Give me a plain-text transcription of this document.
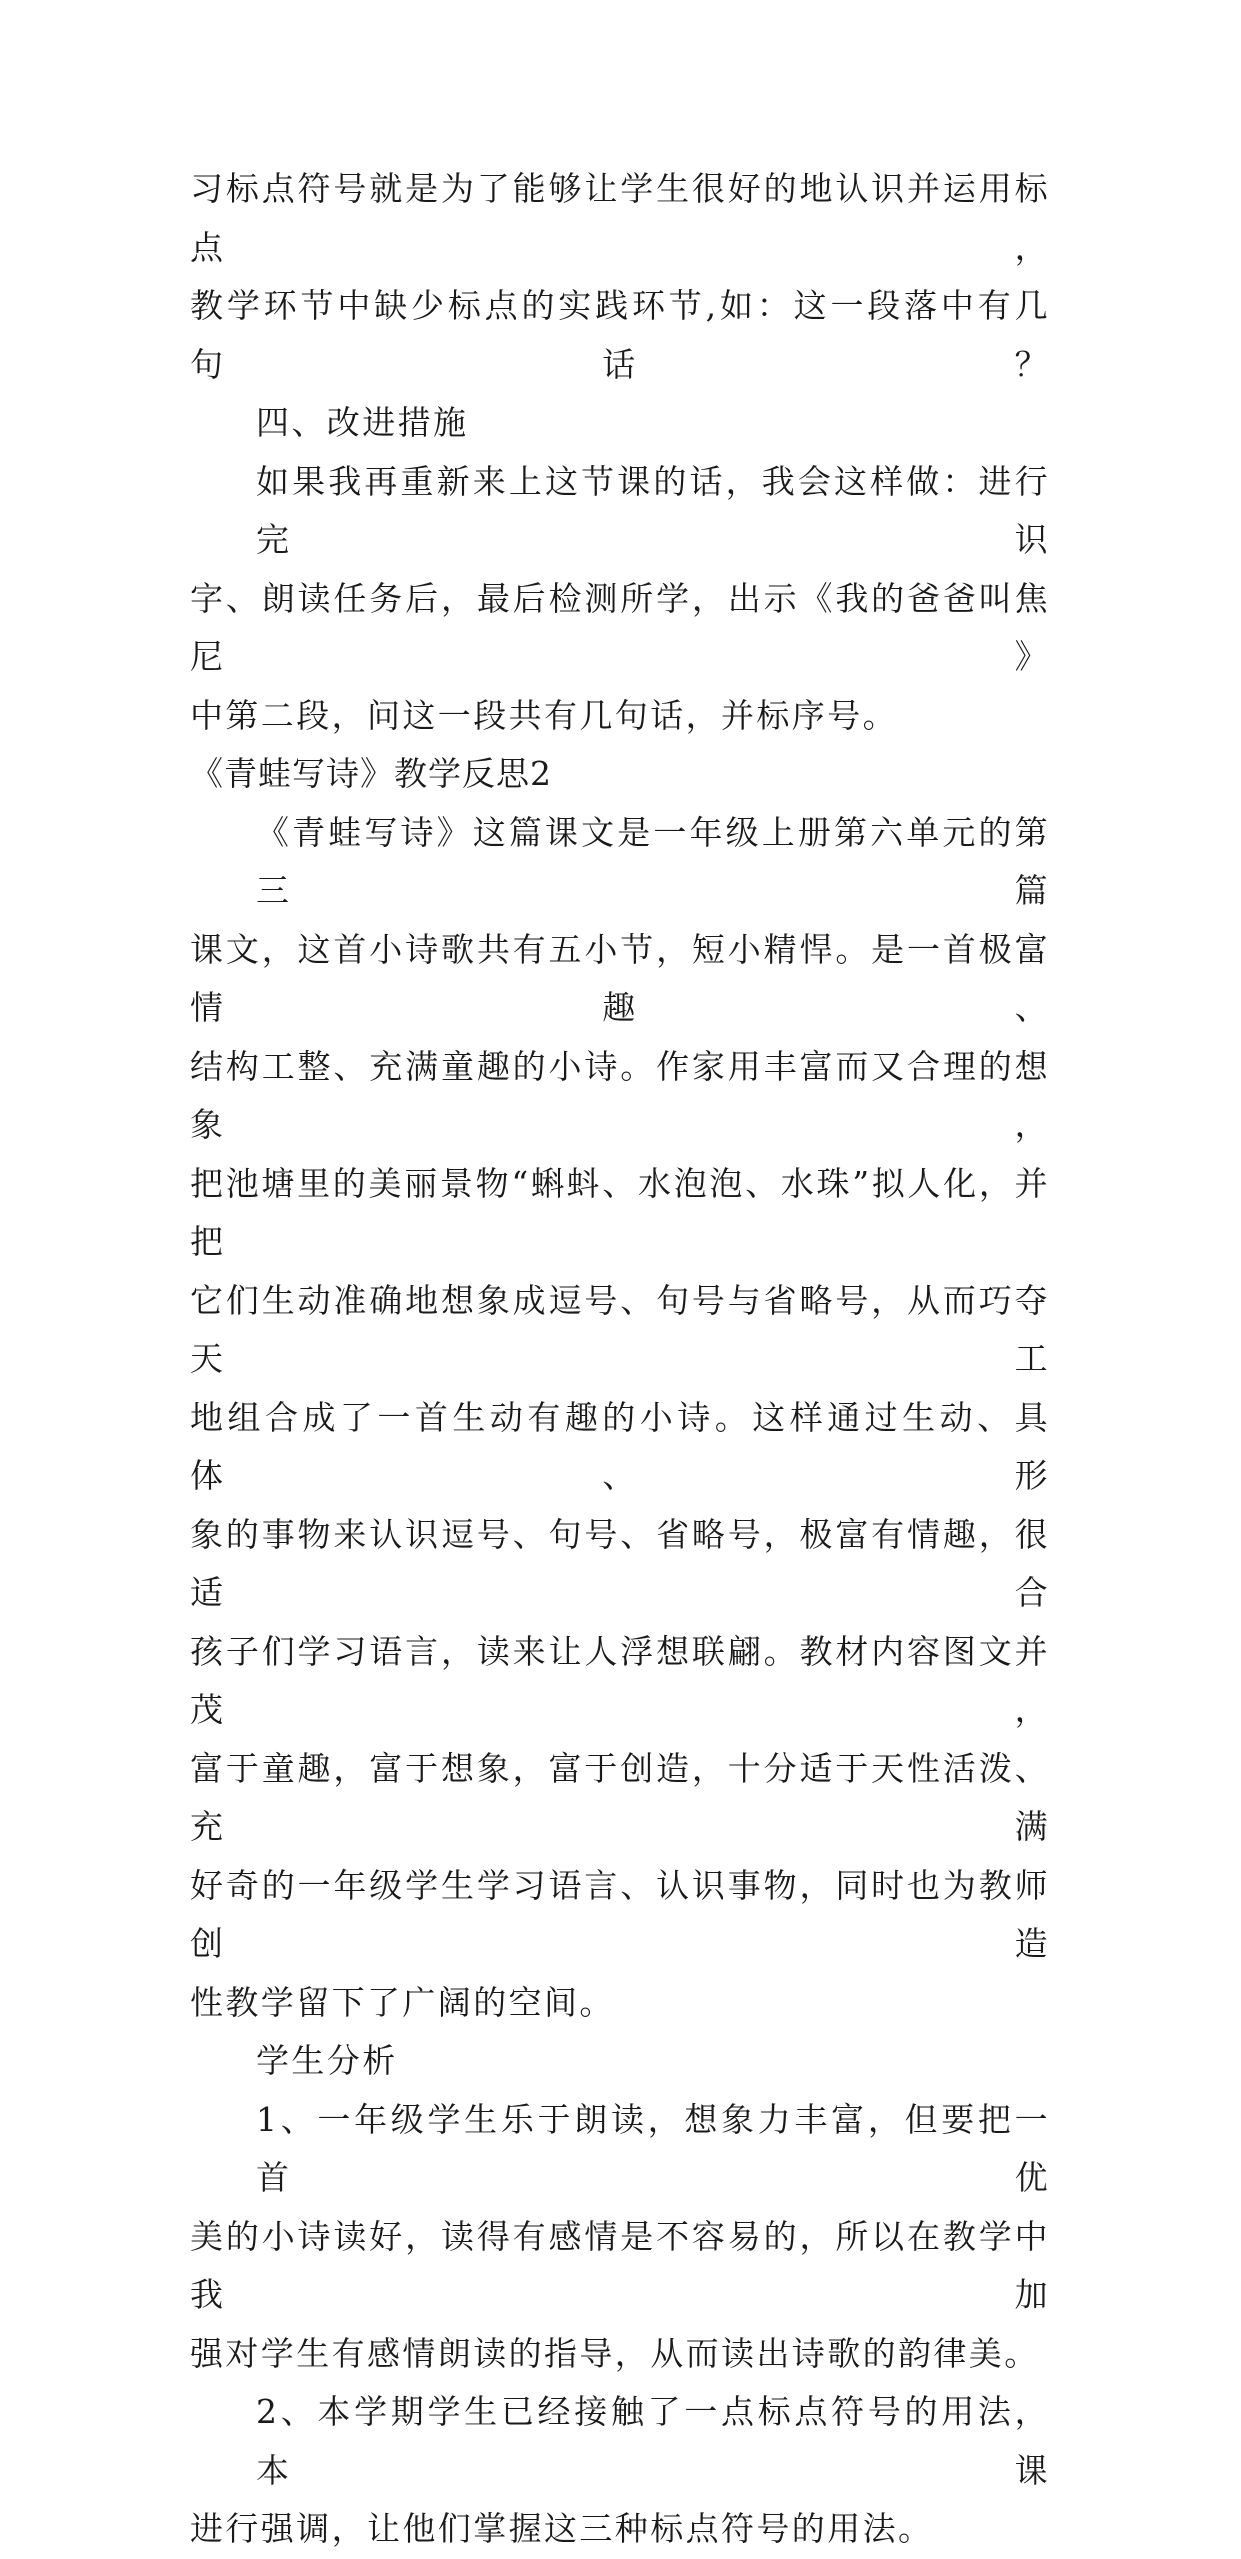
习标点符号就是为了能够让学生很好的地认识并运用标点，
教学环节中缺少标点的实践环节,如：这一段落中有几句话？
四、改进措施
如果我再重新来上这节课的话，我会这样做：进行完识
字、朗读任务后，最后检测所学，出示《我的爸爸叫焦尼》
中第二段，问这一段共有几句话，并标序号。
《青蛙写诗》教学反思2
《青蛙写诗》这篇课文是一年级上册第六单元的第三篇
课文，这首小诗歌共有五小节，短小精悍。是一首极富情趣、
结构工整、充满童趣的小诗。作家用丰富而又合理的想象，
把池塘里的美丽景物“蝌蚪、水泡泡、水珠”拟人化，并把
它们生动准确地想象成逗号、句号与省略号，从而巧夺天工
地组合成了一首生动有趣的小诗。这样通过生动、具体、形
象的事物来认识逗号、句号、省略号，极富有情趣，很适合
孩子们学习语言，读来让人浮想联翩。教材内容图文并茂，
富于童趣，富于想象，富于创造，十分适于天性活泼、充满
好奇的一年级学生学习语言、认识事物，同时也为教师创造
性教学留下了广阔的空间。
学生分析
1、一年级学生乐于朗读，想象力丰富，但要把一首优
美的小诗读好，读得有感情是不容易的，所以在教学中我加
强对学生有感情朗读的指导，从而读出诗歌的韵律美。
2、本学期学生已经接触了一点标点符号的用法，本课
进行强调，让他们掌握这三种标点符号的用法。
